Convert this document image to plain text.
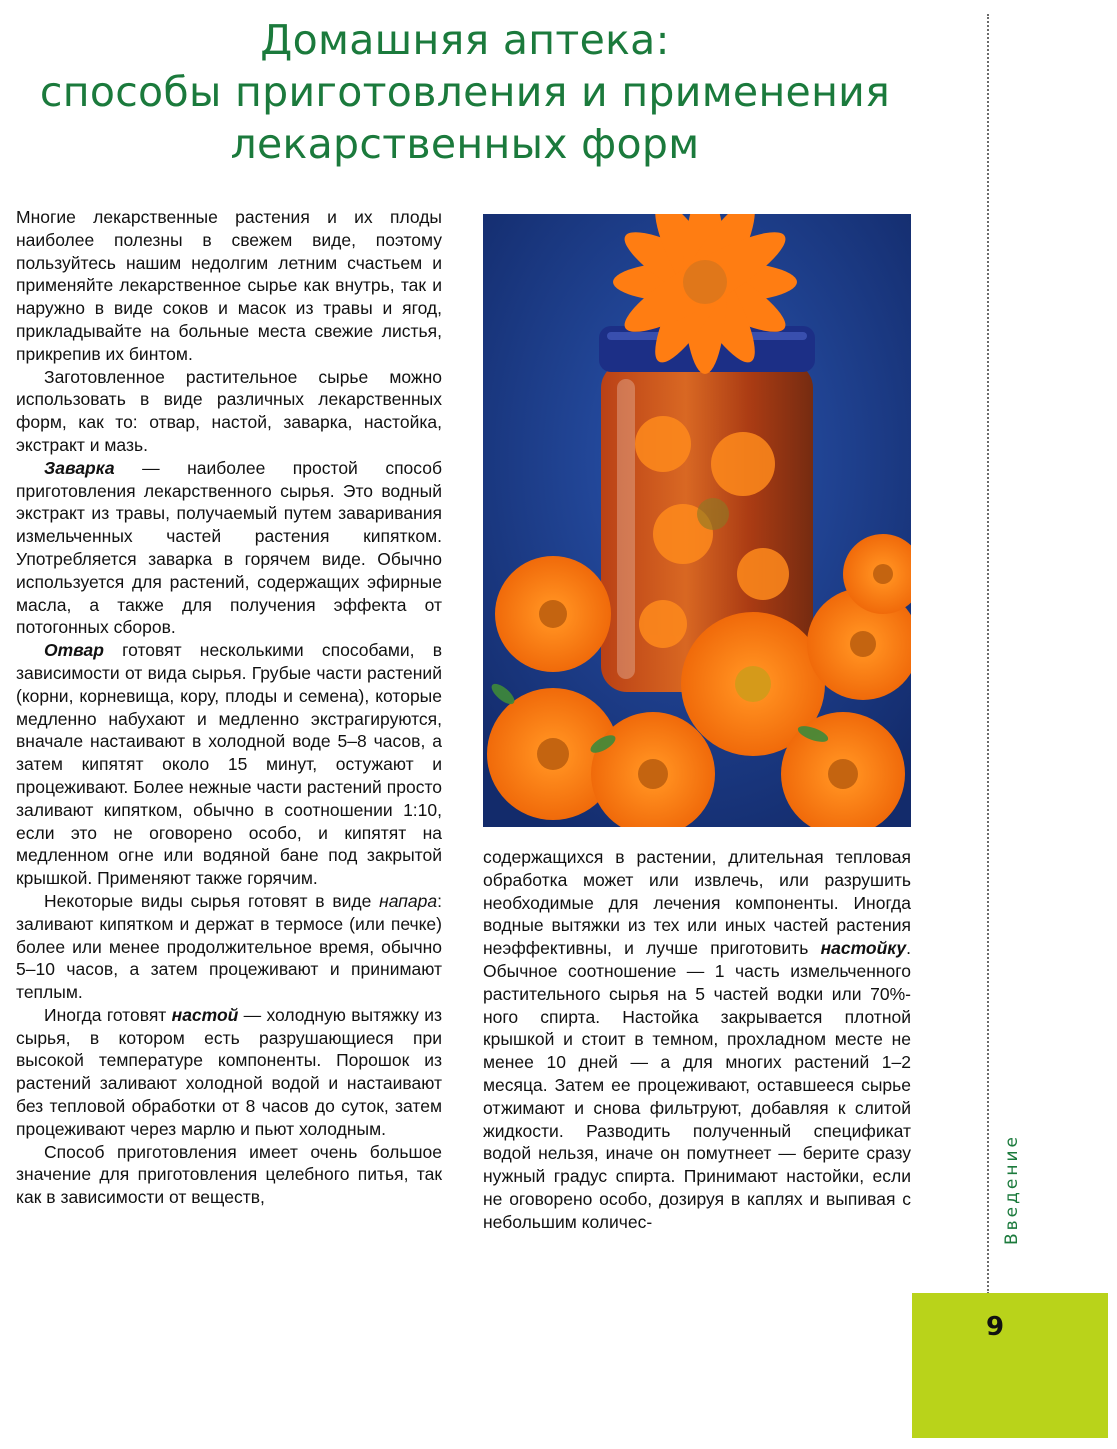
Домашняя аптека:
способы приготовления и применения
лекарственных форм

Многие лекарственные растения и их плоды наиболее полезны в свежем виде, поэтому пользуйтесь нашим недолгим летним счастьем и применяйте лекарственное сырье как внутрь, так и наружно в виде соков и масок из травы и ягод, прикладывайте на больные места свежие листья, прикрепив их бинтом.

Заготовленное растительное сырье можно использовать в виде различных лекарственных форм, как то: отвар, настой, заварка, настойка, экстракт и мазь.

Заварка — наиболее простой способ приготовления лекарственного сырья. Это водный экстракт из травы, получаемый путем заваривания измельченных частей растения кипятком. Употребляется заварка в горячем виде. Обычно используется для растений, содержащих эфирные масла, а также для получения эффекта от потогонных сборов.

Отвар готовят несколькими способами, в зависимости от вида сырья. Грубые части растений (корни, корневища, кору, плоды и семена), которые медленно набухают и медленно экстрагируются, вначале настаивают в холодной воде 5–8 часов, а затем кипятят около 15 минут, остужают и процеживают. Более нежные части растений просто заливают кипятком, обычно в соотношении 1:10, если это не оговорено особо, и кипятят на медленном огне или водяной бане под закрытой крышкой. Применяют также горячим.

Некоторые виды сырья готовят в виде напара: заливают кипятком и держат в термосе (или печке) более или менее продолжительное время, обычно 5–10 часов, а затем процеживают и принимают теплым.

Иногда готовят настой — холодную вытяжку из сырья, в котором есть разрушающиеся при высокой температуре компоненты. Порошок из растений заливают холодной водой и настаивают без тепловой обработки от 8 часов до суток, затем процеживают через марлю и пьют холодным.

Способ приготовления имеет очень большое значение для приготовления целебного питья, так как в зависимости от веществ,

содержащихся в растении, длительная тепловая обработка может или извлечь, или разрушить необходимые для лечения компоненты. Иногда водные вытяжки из тех или иных частей растения неэффективны, и лучше приготовить настойку. Обычное соотношение — 1 часть измельченного растительного сырья на 5 частей водки или 70%-ного спирта. Настойка закрывается плотной крышкой и стоит в темном, прохладном месте не менее 10 дней — а для многих растений 1–2 месяца. Затем ее процеживают, оставшееся сырье отжимают и снова фильтруют, добавляя к слитой жидкости. Разводить полученный спецификат водой нельзя, иначе он помутнеет — берите сразу нужный градус спирта. Принимают настойки, если не оговорено особо, дозируя в каплях и выпивая с небольшим количес-	Введение
9
